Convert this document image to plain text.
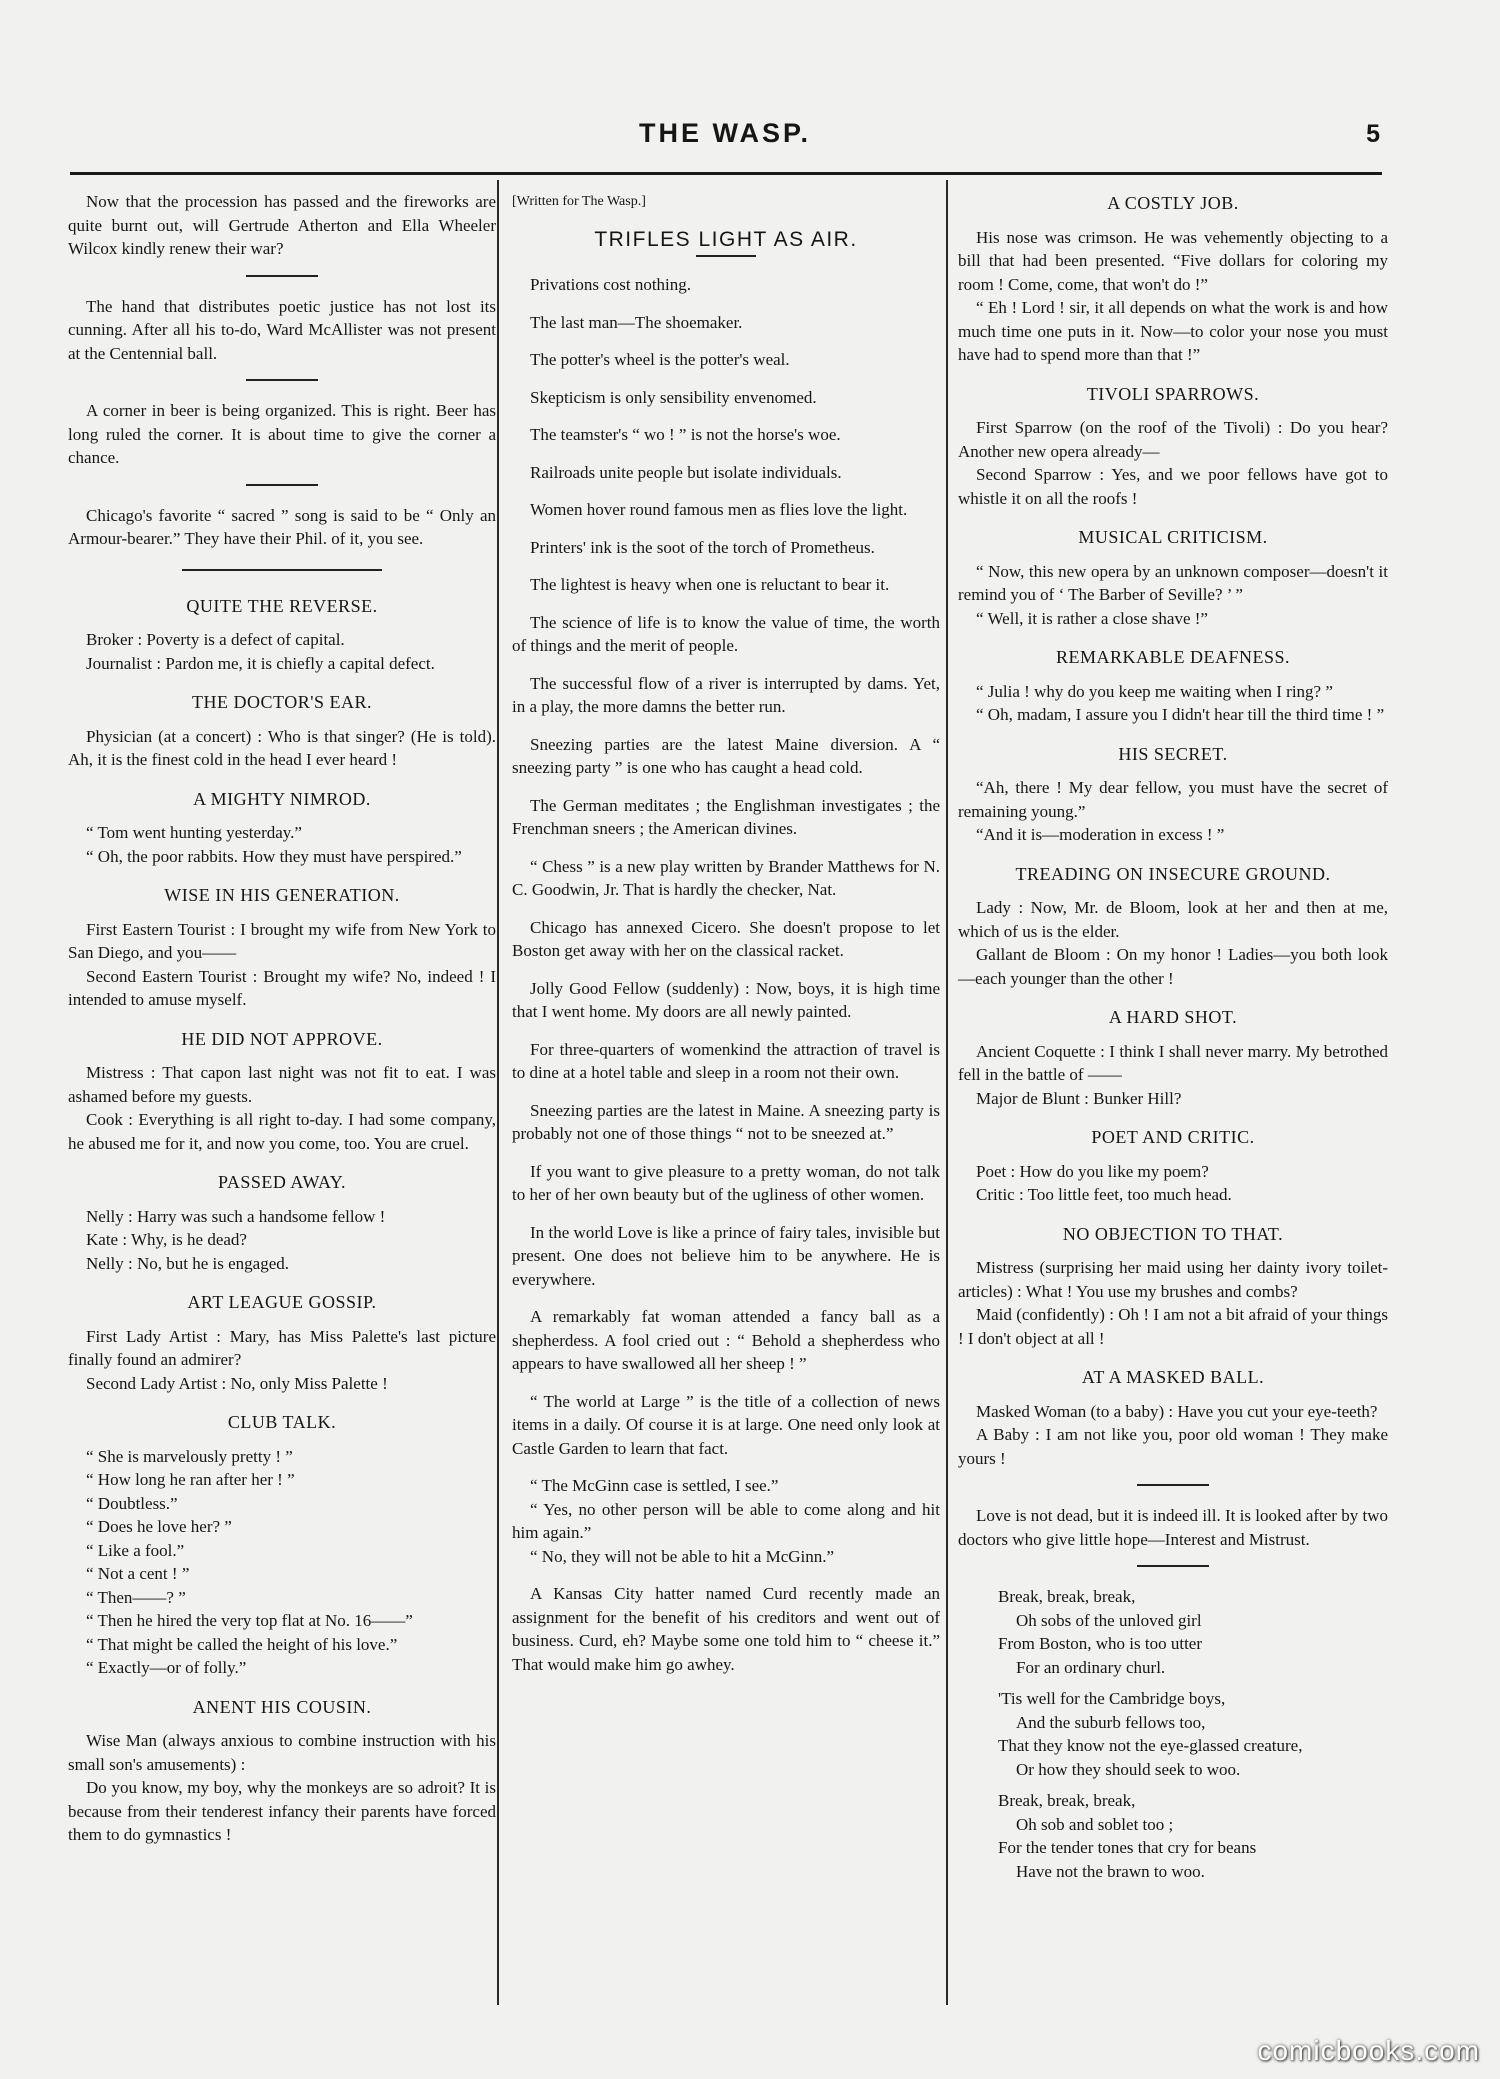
THE WASP.	5

Now that the procession has passed and the fireworks are quite burnt out, will Gertrude Atherton and Ella Wheeler Wilcox kindly renew their war?

The hand that distributes poetic justice has not lost its cunning. After all his to-do, Ward McAllister was not present at the Centennial ball.

A corner in beer is being organized. This is right. Beer has long ruled the corner. It is about time to give the corner a chance.

Chicago's favorite “ sacred ” song is said to be “ Only an Armour-bearer.” They have their Phil. of it, you see.

QUITE THE REVERSE.

Broker : Poverty is a defect of capital.

Journalist : Pardon me, it is chiefly a capital defect.

THE DOCTOR'S EAR.

Physician (at a concert) : Who is that singer? (He is told). Ah, it is the finest cold in the head I ever heard !

A MIGHTY NIMROD.

“ Tom went hunting yesterday.”

“ Oh, the poor rabbits. How they must have perspired.”

WISE IN HIS GENERATION.

First Eastern Tourist : I brought my wife from New York to San Diego, and you——

Second Eastern Tourist : Brought my wife? No, indeed ! I intended to amuse myself.

HE DID NOT APPROVE.

Mistress : That capon last night was not fit to eat. I was ashamed before my guests.

Cook : Everything is all right to-day. I had some company, he abused me for it, and now you come, too. You are cruel.

PASSED AWAY.

Nelly : Harry was such a handsome fellow !

Kate : Why, is he dead?

Nelly : No, but he is engaged.

ART LEAGUE GOSSIP.

First Lady Artist : Mary, has Miss Palette's last picture finally found an admirer?

Second Lady Artist : No, only Miss Palette !

CLUB TALK.
“ She is marvelously pretty ! ”
“ How long he ran after her ! ”
“ Doubtless.”
“ Does he love her? ”
“ Like a fool.”
“ Not a cent ! ”
“ Then——? ”
“ Then he hired the very top flat at No. 16——”
“ That might be called the height of his love.”
“ Exactly—or of folly.”
ANENT HIS COUSIN.

Wise Man (always anxious to combine instruction with his small son's amusements) :

Do you know, my boy, why the monkeys are so adroit? It is because from their tenderest infancy their parents have forced them to do gymnastics !

[Written for The Wasp.]

TRIFLES LIGHT AS AIR.

Privations cost nothing.

The last man—The shoemaker.

The potter's wheel is the potter's weal.

Skepticism is only sensibility envenomed.

The teamster's “ wo ! ” is not the horse's woe.

Railroads unite people but isolate individuals.

Women hover round famous men as flies love the light.

Printers' ink is the soot of the torch of Prometheus.

The lightest is heavy when one is reluctant to bear it.

The science of life is to know the value of time, the worth of things and the merit of people.

The successful flow of a river is interrupted by dams. Yet, in a play, the more damns the better run.

Sneezing parties are the latest Maine diversion. A “ sneezing party ” is one who has caught a head cold.

The German meditates ; the Englishman investigates ; the Frenchman sneers ; the American divines.

“ Chess ” is a new play written by Brander Matthews for N. C. Goodwin, Jr. That is hardly the checker, Nat.

Chicago has annexed Cicero. She doesn't propose to let Boston get away with her on the classical racket.

Jolly Good Fellow (suddenly) : Now, boys, it is high time that I went home. My doors are all newly painted.

For three-quarters of womenkind the attraction of travel is to dine at a hotel table and sleep in a room not their own.

Sneezing parties are the latest in Maine. A sneezing party is probably not one of those things “ not to be sneezed at.”

If you want to give pleasure to a pretty woman, do not talk to her of her own beauty but of the ugliness of other women.

In the world Love is like a prince of fairy tales, invisible but present. One does not believe him to be anywhere. He is everywhere.

A remarkably fat woman attended a fancy ball as a shepherdess. A fool cried out : “ Behold a shepherdess who appears to have swallowed all her sheep ! ”

“ The world at Large ” is the title of a collection of news items in a daily. Of course it is at large. One need only look at Castle Garden to learn that fact.

“ The McGinn case is settled, I see.”

“ Yes, no other person will be able to come along and hit him again.”

“ No, they will not be able to hit a McGinn.”

A Kansas City hatter named Curd recently made an assignment for the benefit of his creditors and went out of business. Curd, eh? Maybe some one told him to “ cheese it.” That would make him go awhey.

A COSTLY JOB.

His nose was crimson. He was vehemently objecting to a bill that had been presented. “Five dollars for coloring my room ! Come, come, that won't do !”

“ Eh ! Lord ! sir, it all depends on what the work is and how much time one puts in it. Now—to color your nose you must have had to spend more than that !”

TIVOLI SPARROWS.

First Sparrow (on the roof of the Tivoli) : Do you hear? Another new opera already—

Second Sparrow : Yes, and we poor fellows have got to whistle it on all the roofs !

MUSICAL CRITICISM.

“ Now, this new opera by an unknown composer—doesn't it remind you of ‘ The Barber of Seville? ’ ”

“ Well, it is rather a close shave !”

REMARKABLE DEAFNESS.

“ Julia ! why do you keep me waiting when I ring? ”

“ Oh, madam, I assure you I didn't hear till the third time ! ”

HIS SECRET.

“Ah, there ! My dear fellow, you must have the secret of remaining young.”

“And it is—moderation in excess ! ”

TREADING ON INSECURE GROUND.

Lady : Now, Mr. de Bloom, look at her and then at me, which of us is the elder.

Gallant de Bloom : On my honor ! Ladies—you both look—each younger than the other !

A HARD SHOT.

Ancient Coquette : I think I shall never marry. My betrothed fell in the battle of ——

Major de Blunt : Bunker Hill?

POET AND CRITIC.

Poet : How do you like my poem?

Critic : Too little feet, too much head.

NO OBJECTION TO THAT.

Mistress (surprising her maid using her dainty ivory toilet-articles) : What ! You use my brushes and combs?

Maid (confidently) : Oh ! I am not a bit afraid of your things ! I don't object at all !

AT A MASKED BALL.

Masked Woman (to a baby) : Have you cut your eye-teeth?

A Baby : I am not like you, poor old woman ! They make yours !

Love is not dead, but it is indeed ill. It is looked after by two doctors who give little hope—Interest and Mistrust.

Break, break, break,
Oh sobs of the unloved girl
From Boston, who is too utter
For an ordinary churl.
'Tis well for the Cambridge boys,
And the suburb fellows too,
That they know not the eye-glassed creature,
Or how they should seek to woo.
Break, break, break,
Oh sob and soblet too ;
For the tender tones that cry for beans
Have not the brawn to woo.
comicbooks.com
